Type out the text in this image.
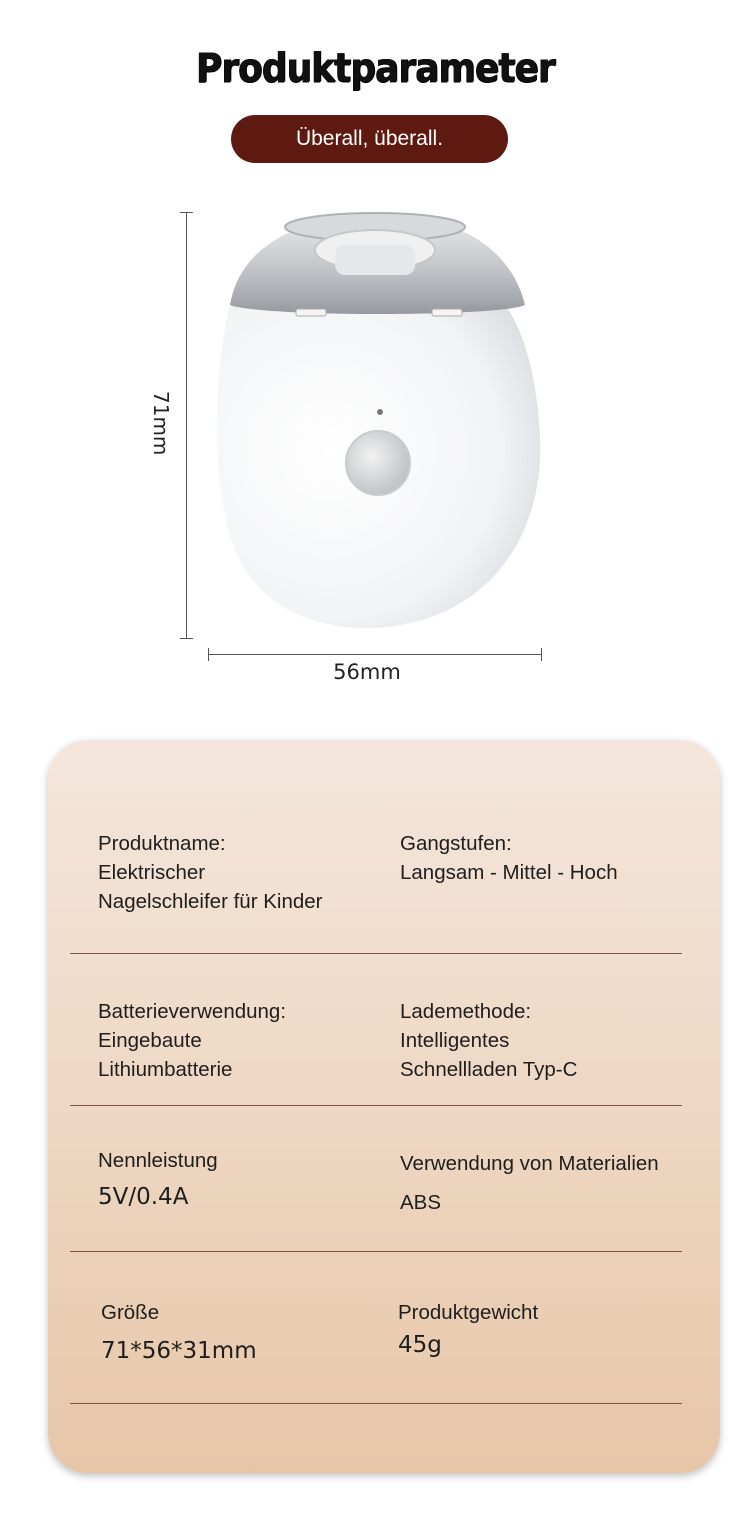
Produktparameter
Überall, überall.
71mm
56mm
Produktname:
Elektrischer
Nagelschleifer für Kinder
Gangstufen:
Langsam - Mittel - Hoch
Batterieverwendung:
Eingebaute
Lithiumbatterie
Lademethode:
Intelligentes
Schnellladen Typ-C
Nennleistung
5V/0.4A
Verwendung von Materialien
ABS
Größe
71*56*31mm
Produktgewicht
45g
